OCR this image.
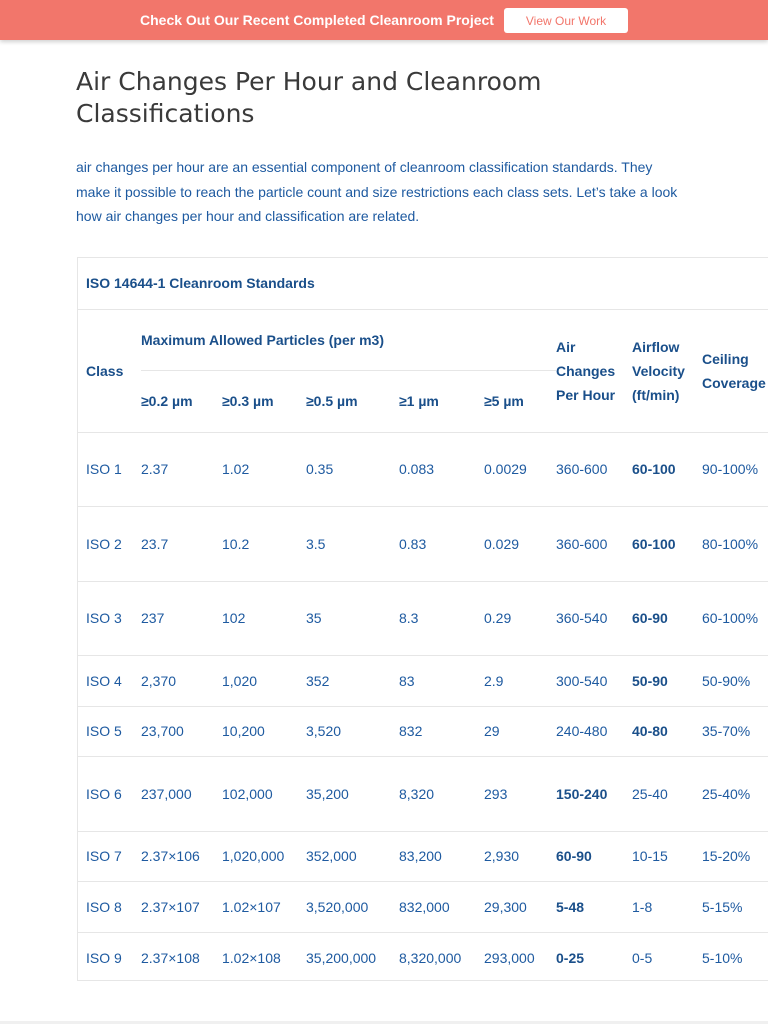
Check Out Our Recent Completed Cleanroom Project	View Our Work
Air Changes Per Hour and Cleanroom Classifications

air changes per hour are an essential component of cleanroom classification standards. They make it possible to reach the particle count and size restrictions each class sets. Let’s take a look how air changes per hour and classification are related.

ISO 14644-1 Cleanroom Standards								
Class	Maximum Allowed Particles (per m3)					Air Changes Per Hour	Airflow Velocity (ft/min)	Ceiling Coverage
	≥0.2 µm	≥0.3 µm	≥0.5 µm	≥1 µm	≥5 µm			
ISO 1	2.37	1.02	0.35	0.083	0.0029	360-600	60-100	90-100%
ISO 2	23.7	10.2	3.5	0.83	0.029	360-600	60-100	80-100%
ISO 3	237	102	35	8.3	0.29	360-540	60-90	60-100%
ISO 4	2,370	1,020	352	83	2.9	300-540	50-90	50-90%
ISO 5	23,700	10,200	3,520	832	29	240-480	40-80	35-70%
ISO 6	237,000	102,000	35,200	8,320	293	150-240	25-40	25-40%
ISO 7	2.37×106	1,020,000	352,000	83,200	2,930	60-90	10-15	15-20%
ISO 8	2.37×107	1.02×107	3,520,000	832,000	29,300	5-48	1-8	5-15%
ISO 9	2.37×108	1.02×108	35,200,000	8,320,000	293,000	0-25	0-5	5-10%
